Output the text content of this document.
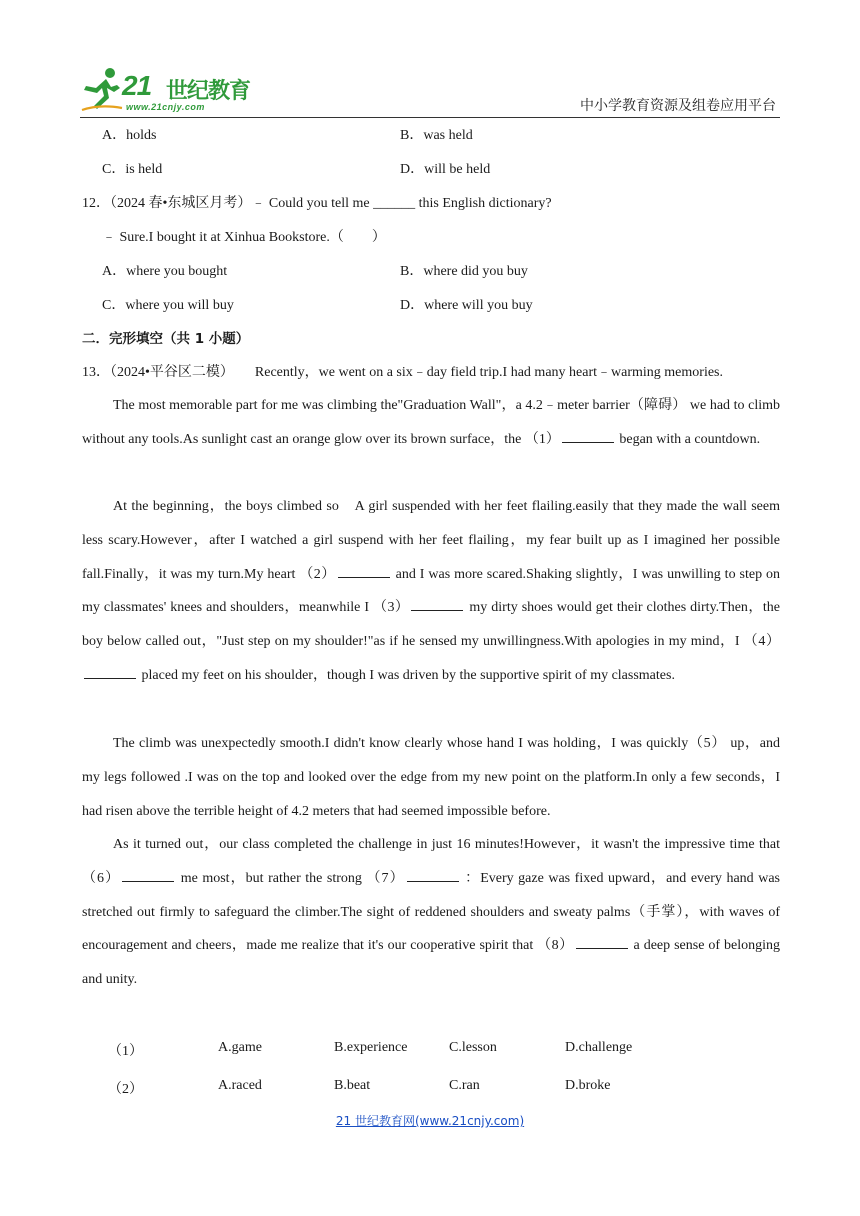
21 世纪教育
www.21cnjy.com	中小学教育资源及组卷应用平台
A．holds	B．was held
C．is held	D．will be held
12．（2024 春•东城区月考）﹣ Could you tell me ______ this English dictionary?
﹣ Sure.I bought it at Xinhua Bookstore.（　　）
A．where you bought	B．where did you buy
C．where you will buy	D．where will you buy
二．完形填空（共 1 小题）
13．（2024•平谷区二模）　　Recently，we went on a six﹣day field trip.I had many heart﹣warming memories.
The most memorable part for me was climbing the"Graduation Wall"，a 4.2﹣meter barrier（障碍） we had to climb without any tools.As sunlight cast an orange glow over its brown surface，the （1）	began with a countdown.
At the beginning，the boys climbed so　A girl suspended with her feet flailing.easily that they made the wall seem less scary.However，after I watched a girl suspend with her feet flailing，my fear built up as I imagined her possible fall.Finally，it was my turn.My heart （2）	and I was more scared.Shaking slightly，I was unwilling to step on my classmates' knees and shoulders，meanwhile I （3）	my dirty shoes would get their clothes dirty.Then，the boy below called out，"Just step on my shoulder!"as if he sensed my unwillingness.With apologies in my mind，I （4） placed my feet on his shoulder，though I was driven by the supportive spirit of my classmates.
The climb was unexpectedly smooth.I didn't know clearly whose hand I was holding，I was quickly（5） up，and my legs followed .I was on the top and looked over the edge from my new point on the platform.In only a few seconds，I had risen above the terrible height of 4.2 meters that had seemed impossible before.
As it turned out，our class completed the challenge in just 16 minutes!However，it wasn't the impressive time that （6）	me most，but rather the strong （7）	：Every gaze was fixed upward，and every hand was stretched out firmly to safeguard the climber.The sight of reddened shoulders and sweaty palms（手掌），with waves of encouragement and cheers，made me realize that it's our cooperative spirit that （8）	a deep sense of belonging and unity.
（1）	A.game	B.experience	C.lesson	D.challenge
（2）	A.raced	B.beat	C.ran	D.broke
21 世纪教育网(www.21cnjy.com)
